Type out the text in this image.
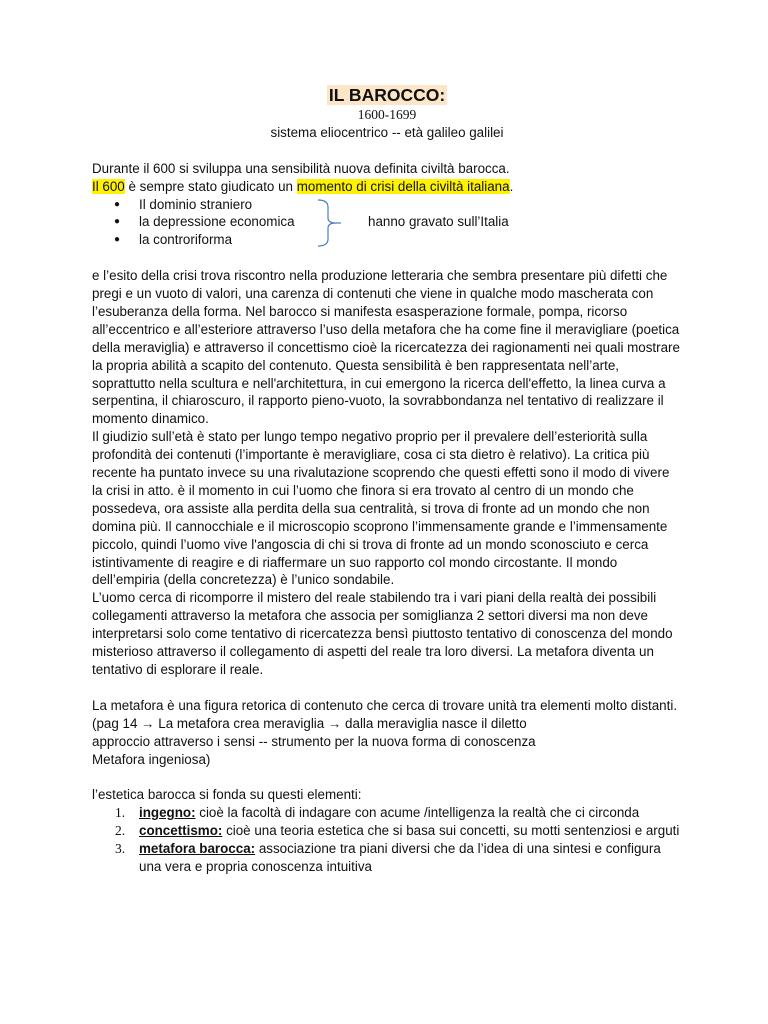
IL BAROCCO:
1600-1699
sistema eliocentrico -- età galileo galilei
Durante il 600 si sviluppa una sensibilità nuova definita civiltà barocca.
Il 600 è sempre stato giudicato un momento di crisi della civiltà italiana.
● Il dominio straniero
● la depressione economica
● la controriforma
hanno gravato sull’Italia

e l’esito della crisi trova riscontro nella produzione letteraria che sembra presentare più difetti che pregi e un vuoto di valori, una carenza di contenuti che viene in qualche modo mascherata con l’esuberanza della forma. Nel barocco si manifesta esasperazione formale, pompa, ricorso all’eccentrico e all’esteriore attraverso l’uso della metafora che ha come fine il meravigliare (poetica della meraviglia) e attraverso il concettismo cioè la ricercatezza dei ragionamenti nei quali mostrare la propria abilità a scapito del contenuto. Questa sensibilità è ben rappresentata nell’arte, soprattutto nella scultura e nell'architettura, in cui emergono la ricerca dell'effetto, la linea curva a serpentina, il chiaroscuro, il rapporto pieno-vuoto, la sovrabbondanza nel tentativo di realizzare il momento dinamico.

Il giudizio sull’età è stato per lungo tempo negativo proprio per il prevalere dell’esteriorità sulla profondità dei contenuti (l’importante è meravigliare, cosa ci sta dietro è relativo). La critica più recente ha puntato invece su una rivalutazione scoprendo che questi effetti sono il modo di vivere la crisi in atto. è il momento in cui l’uomo che finora si era trovato al centro di un mondo che possedeva, ora assiste alla perdita della sua centralità, si trova di fronte ad un mondo che non domina più. Il cannocchiale e il microscopio scoprono l’immensamente grande e l’immensamente piccolo, quindi l’uomo vive l'angoscia di chi si trova di fronte ad un mondo sconosciuto e cerca istintivamente di reagire e di riaffermare un suo rapporto col mondo circostante. Il mondo dell’empiria (della concretezza) è l’unico sondabile.

L’uomo cerca di ricomporre il mistero del reale stabilendo tra i vari piani della realtà dei possibili collegamenti attraverso la metafora che associa per somiglianza 2 settori diversi ma non deve interpretarsi solo come tentativo di ricercatezza bensì piuttosto tentativo di conoscenza del mondo misterioso attraverso il collegamento di aspetti del reale tra loro diversi. La metafora diventa un tentativo di esplorare il reale.

La metafora è una figura retorica di contenuto che cerca di trovare unità tra elementi molto distanti.

(pag 14 → La metafora crea meraviglia → dalla meraviglia nasce il diletto
approccio attraverso i sensi -- strumento per la nuova forma di conoscenza
Metafora ingeniosa)
l’estetica barocca si fonda su questi elementi:
1. ingegno: cioè la facoltà di indagare con acume /intelligenza la realtà che ci circonda
2. concettismo: cioè una teoria estetica che si basa sui concetti, su motti sentenziosi e arguti
3. metafora barocca: associazione tra piani diversi che da l’idea di una sintesi e configura una vera e propria conoscenza intuitiva
